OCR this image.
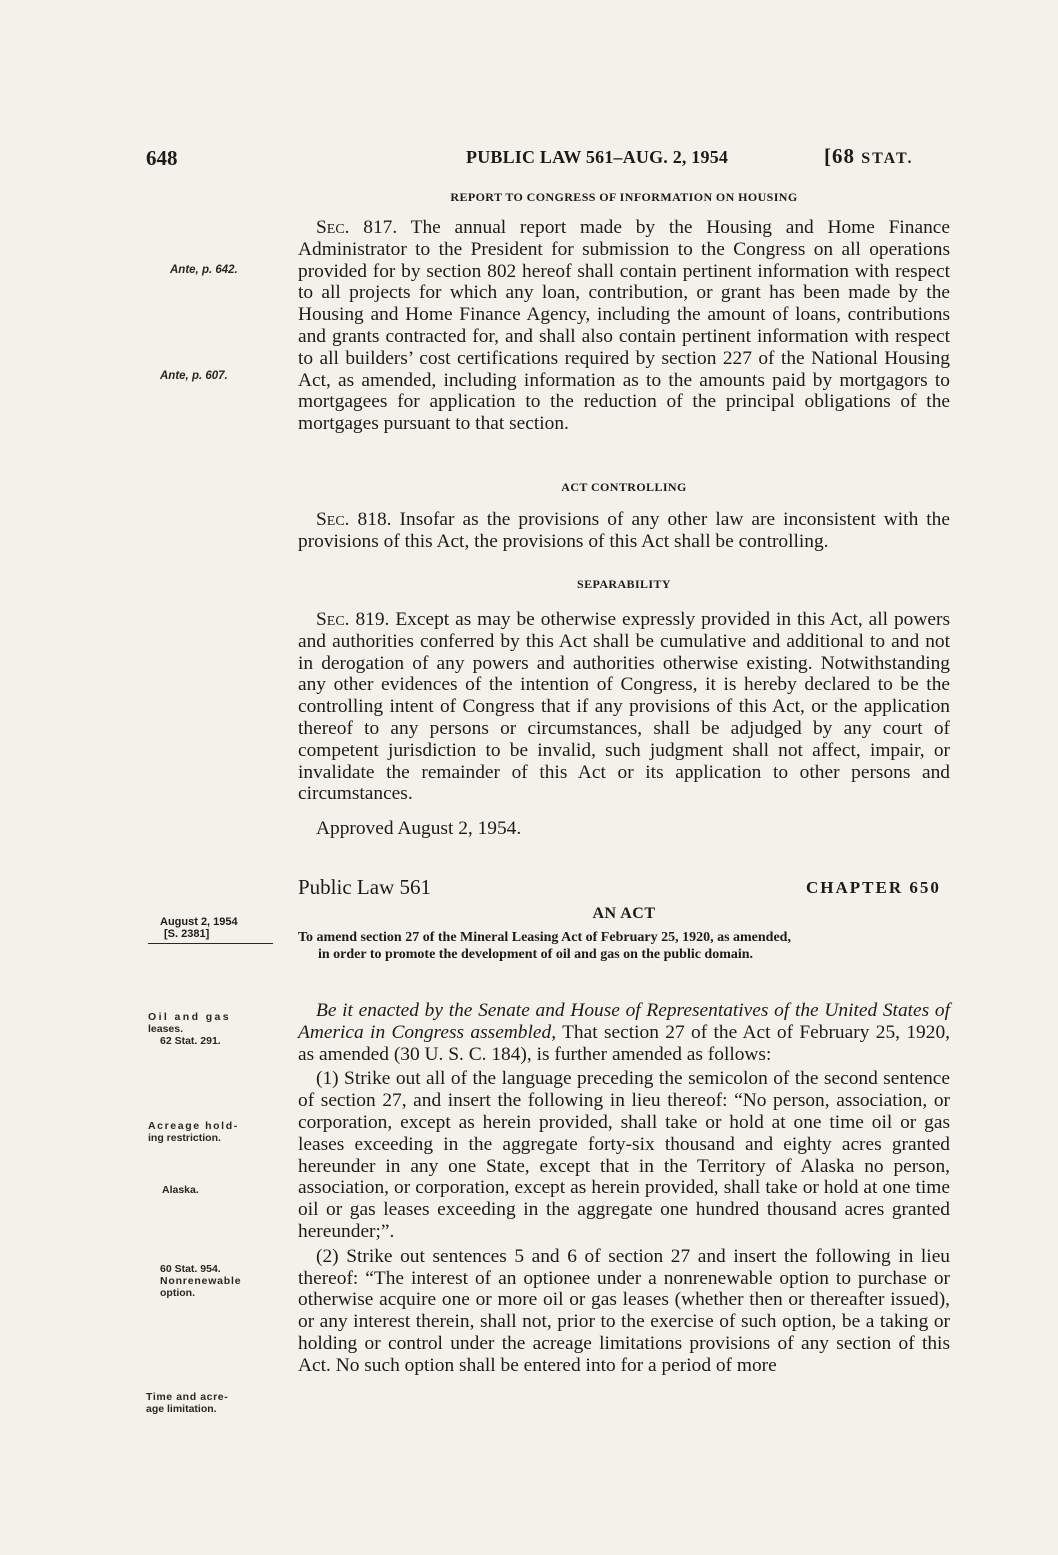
648	PUBLIC LAW 561–AUG. 2, 1954	[68 STAT.
REPORT TO CONGRESS OF INFORMATION ON HOUSING

Sec. 817. The annual report made by the Housing and Home Finance Administrator to the President for submission to the Congress on all operations provided for by section 802 hereof shall contain pertinent information with respect to all projects for which any loan, contribution, or grant has been made by the Housing and Home Finance Agency, including the amount of loans, contributions and grants contracted for, and shall also contain pertinent information with respect to all builders’ cost certifications required by section 227 of the National Housing Act, as amended, including information as to the amounts paid by mortgagors to mortgagees for application to the reduction of the principal obligations of the mortgages pursuant to that section.

ACT CONTROLLING

Sec. 818. Insofar as the provisions of any other law are inconsistent with the provisions of this Act, the provisions of this Act shall be controlling.

SEPARABILITY

Sec. 819. Except as may be otherwise expressly provided in this Act, all powers and authorities conferred by this Act shall be cumulative and additional to and not in derogation of any powers and authorities otherwise existing. Notwithstanding any other evidences of the intention of Congress, it is hereby declared to be the controlling intent of Congress that if any provisions of this Act, or the application thereof to any persons or circumstances, shall be adjudged by any court of competent jurisdiction to be invalid, such judgment shall not affect, impair, or invalidate the remainder of this Act or its application to other persons and circumstances.

Approved August 2, 1954.
Public Law 561	CHAPTER 650
AN ACT
To amend section 27 of the Mineral Leasing Act of February 25, 1920, as amended,
in order to promote the development of oil and gas on the public domain.

Be it enacted by the Senate and House of Representatives of the United States of America in Congress assembled, That section 27 of the Act of February 25, 1920, as amended (30 U. S. C. 184), is further amended as follows:

(1) Strike out all of the language preceding the semicolon of the second sentence of section 27, and insert the following in lieu thereof: “No person, association, or corporation, except as herein provided, shall take or hold at one time oil or gas leases exceeding in the aggregate forty-six thousand and eighty acres granted hereunder in any one State, except that in the Territory of Alaska no person, association, or corporation, except as herein provided, shall take or hold at one time oil or gas leases exceeding in the aggregate one hundred thousand acres granted hereunder;”.

(2) Strike out sentences 5 and 6 of section 27 and insert the following in lieu thereof: “The interest of an optionee under a nonrenewable option to purchase or otherwise acquire one or more oil or gas leases (whether then or thereafter issued), or any interest therein, shall not, prior to the exercise of such option, be a taking or holding or control under the acreage limitations provisions of any section of this Act. No such option shall be entered into for a period of more

Ante, p. 642.
Ante, p. 607.
August 2, 1954
[S. 2381]
Oil and gas
leases.
62 Stat. 291.
Acreage hold-
ing restriction.
Alaska.
60 Stat. 954.
Nonrenewable
option.
Time and acre-
age limitation.
